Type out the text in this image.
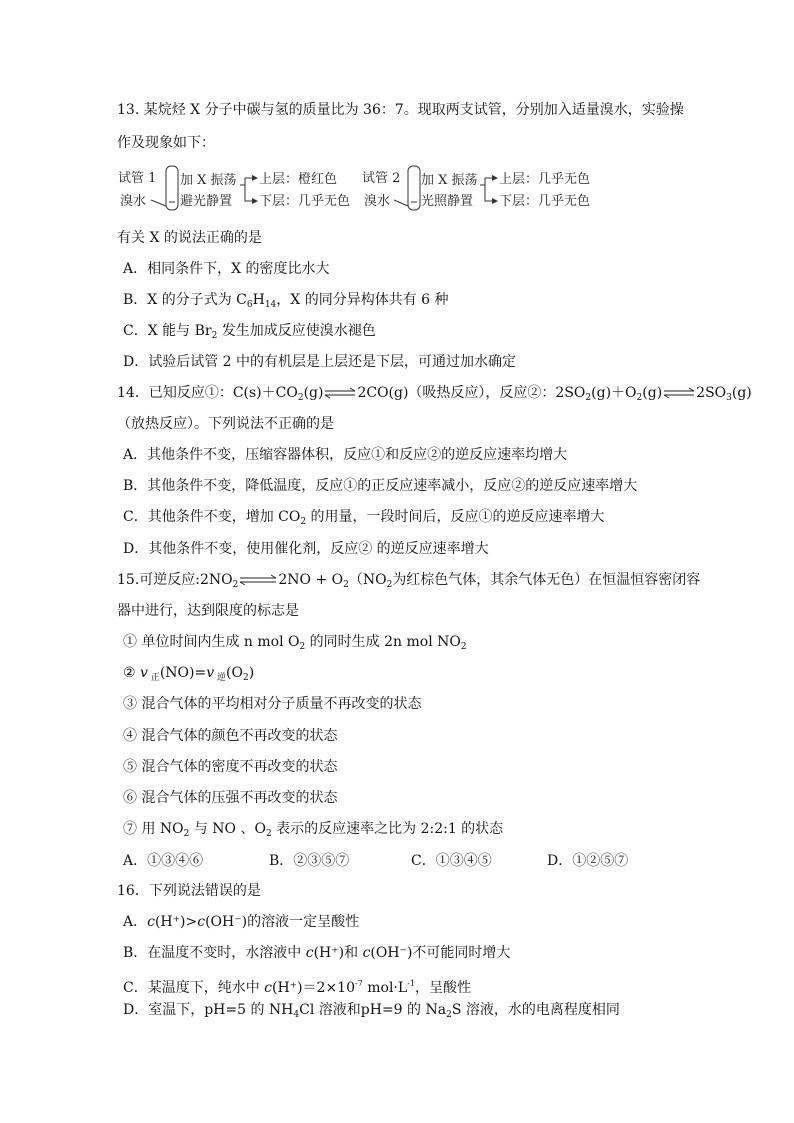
13. 某烷烃 X 分子中碳与氢的质量比为 36：7。现取两支试管，分别加入适量溴水，实验操
作及现象如下：
试管 1
溴水
加 X 振荡
避光静置
上层：橙红色
下层：几乎无色
试管 2
溴水
加 X 振荡
光照静置
上层：几乎无色
下层：几乎无色
有关 X 的说法正确的是
A．相同条件下，X 的密度比水大
B．X 的分子式为 $C_6H_{14}$，X 的同分异构体共有 6 种
C．X 能与 $Br_2$ 发生加成反应使溴水褪色
D．试验后试管 2 中的有机层是上层还是下层，可通过加水确定
14．已知反应①：$C(s)+CO_2(g)\rightleftharpoons 2CO(g)$（吸热反应），反应②：$2SO_2(g)+O_2(g)\rightleftharpoons 2SO_3(g)$
（放热反应）。下列说法不正确的是
A．其他条件不变，压缩容器体积，反应①和反应②的逆反应速率均增大
B．其他条件不变，降低温度，反应①的正反应速率减小，反应②的逆反应速率增大
C．其他条件不变，增加 $CO_2$ 的用量，一段时间后，反应①的逆反应速率增大
D．其他条件不变，使用催化剂，反应② 的逆反应速率增大
15.可逆反应$:2NO_2\rightleftharpoons 2NO + O_2(NO_2$为红棕色气体，其余气体无色）在恒温恒容密闭容
器中进行，达到限度的标志是
① 单位时间内生成 n mol $O_2$ 的同时生成 2n mol $NO_2$
② v $_正$(NO)=v $_逆(O_2)$
③ 混合气体的平均相对分子质量不再改变的状态
④ 混合气体的颜色不再改变的状态
⑤ 混合气体的密度不再改变的状态
⑥ 混合气体的压强不再改变的状态
⑦ 用 $NO_2$ 与 NO 、$O_2$ 表示的反应速率之比为 2:2:1 的状态
A．①③④⑥	B．②③⑤⑦	C．①③④⑤	D．①②⑤⑦
16．下列说法错误的是
A．c(H⁺)>c(OH⁻)的溶液一定呈酸性
B．在温度不变时，水溶液中 c(H⁺)和 c(OH⁻)不可能同时增大
C．某温度下，纯水中 $c(H^+)=2\times 10^{-7}$ $mol\cdot L^{-1}$，呈酸性
D．室温下，pH=5 的 $NH_4Cl$ 溶液和pH=9 的 $Na_2S$ 溶液，水的电离程度相同
